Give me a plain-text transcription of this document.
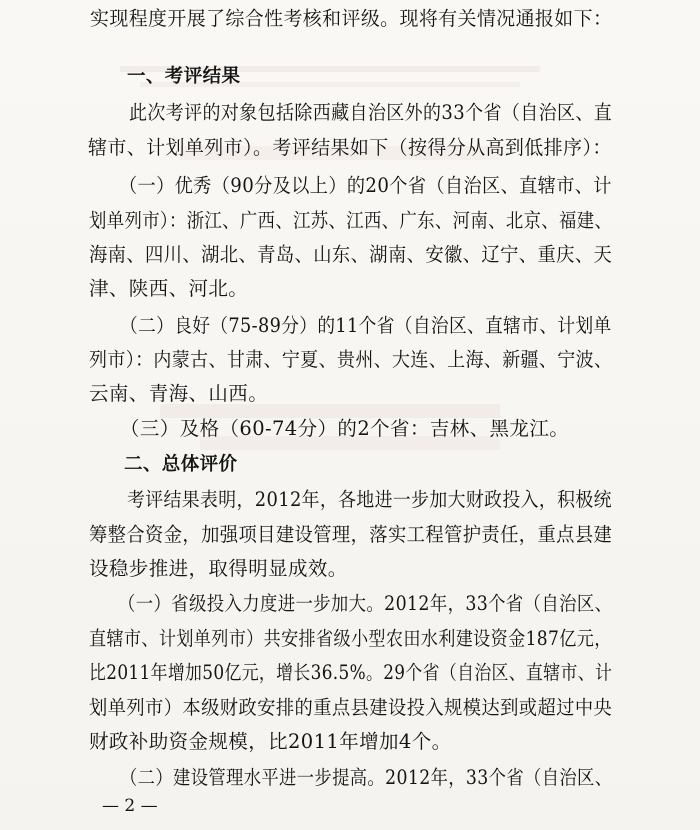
实现程度开展了综合性考核和评级。现将有关情况通报如下：
一、考评结果
此次考评的对象包括除西藏自治区外的33个省（自治区、直
辖市、计划单列市）。考评结果如下（按得分从高到低排序）：
（一）优秀（90分及以上）的20个省（自治区、直辖市、计
划单列市）：浙江、广西、江苏、江西、广东、河南、北京、福建、
海南、四川、湖北、青岛、山东、湖南、安徽、辽宁、重庆、天
津、陕西、河北。
（二）良好（75-89分）的11个省（自治区、直辖市、计划单
列市）：内蒙古、甘肃、宁夏、贵州、大连、上海、新疆、宁波、
云南、青海、山西。
（三）及格（60-74分）的2个省：吉林、黑龙江。
二、总体评价
考评结果表明，2012年，各地进一步加大财政投入，积极统
筹整合资金，加强项目建设管理，落实工程管护责任，重点县建
设稳步推进，取得明显成效。
（一）省级投入力度进一步加大。2012年，33个省（自治区、
直辖市、计划单列市）共安排省级小型农田水利建设资金187亿元，
比2011年增加50亿元，增长36.5%。29个省（自治区、直辖市、计
划单列市）本级财政安排的重点县建设投入规模达到或超过中央
财政补助资金规模，比2011年增加4个。
（二）建设管理水平进一步提高。2012年，33个省（自治区、
— 2 —
